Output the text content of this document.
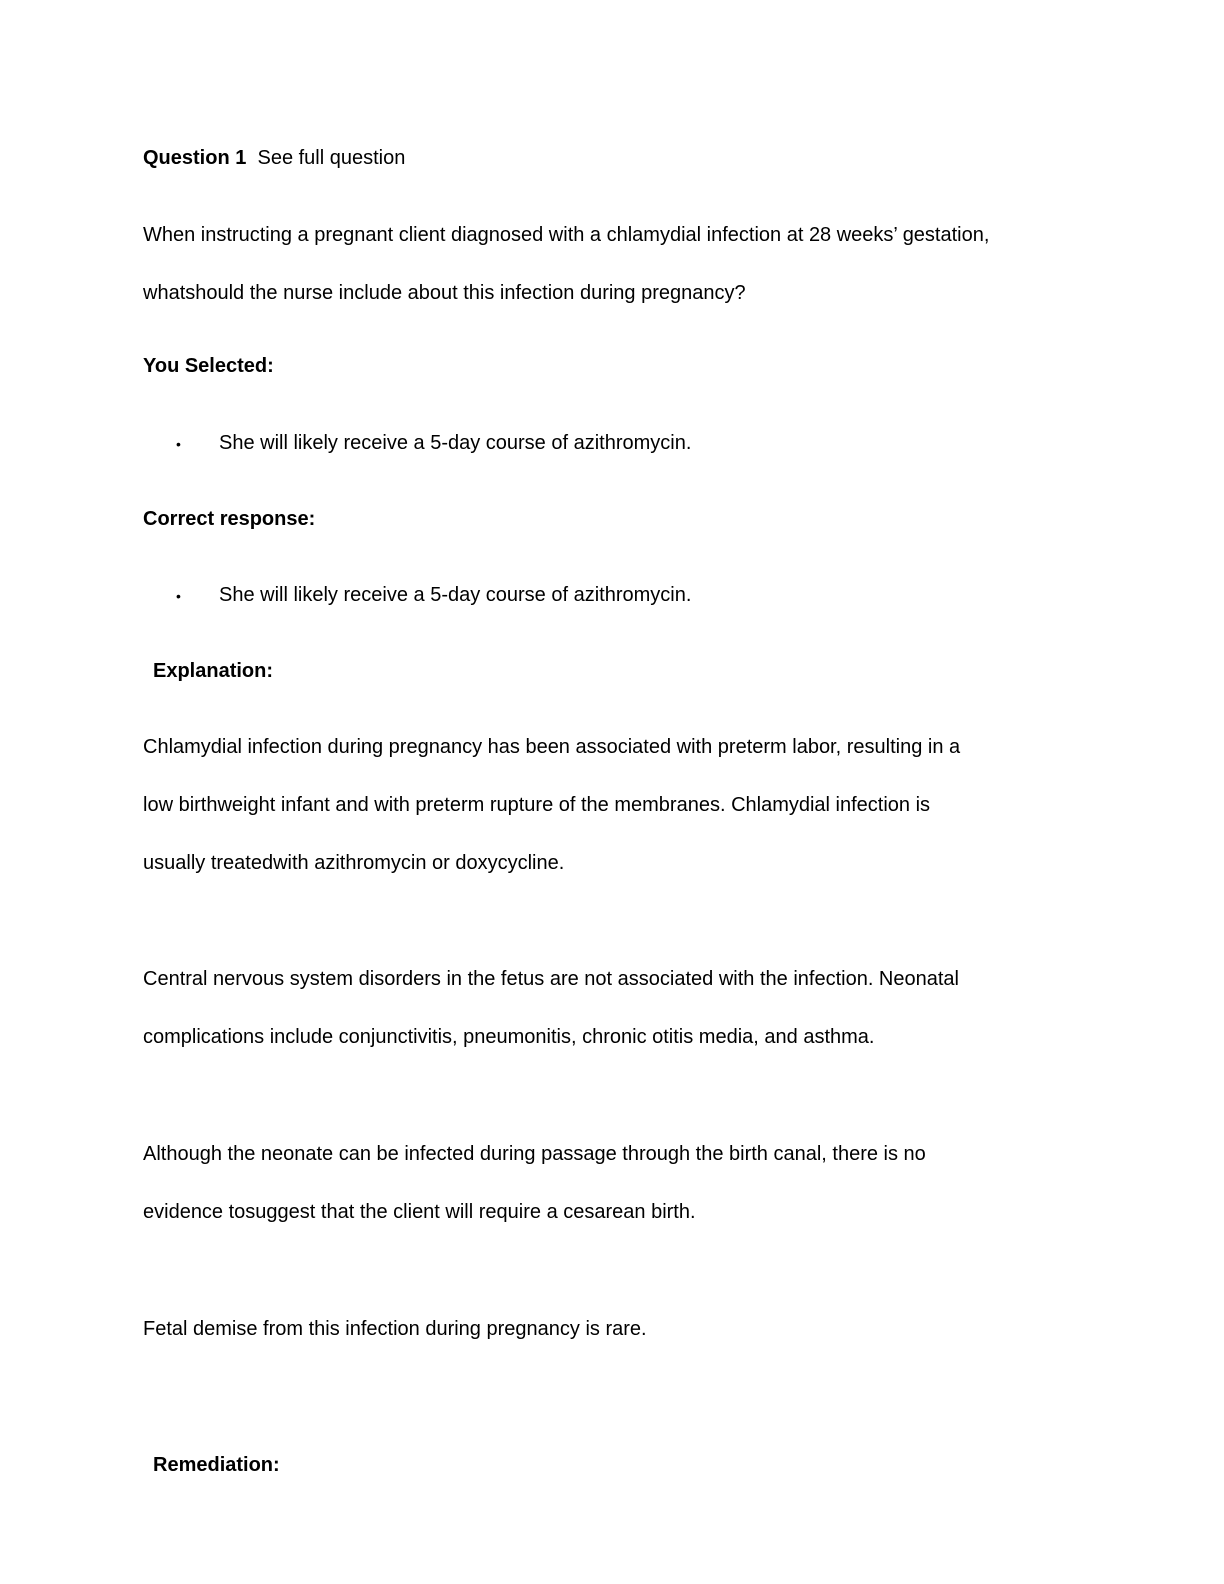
Question 1 See full question
When instructing a pregnant client diagnosed with a chlamydial infection at 28 weeks’ gestation,
whatshould the nurse include about this infection during pregnancy?
You Selected:
• She will likely receive a 5-day course of azithromycin.
Correct response:
• She will likely receive a 5-day course of azithromycin.
Explanation:
Chlamydial infection during pregnancy has been associated with preterm labor, resulting in a
low birthweight infant and with preterm rupture of the membranes. Chlamydial infection is
usually treatedwith azithromycin or doxycycline.
Central nervous system disorders in the fetus are not associated with the infection. Neonatal
complications include conjunctivitis, pneumonitis, chronic otitis media, and asthma.
Although the neonate can be infected during passage through the birth canal, there is no
evidence tosuggest that the client will require a cesarean birth.
Fetal demise from this infection during pregnancy is rare.
Remediation:
